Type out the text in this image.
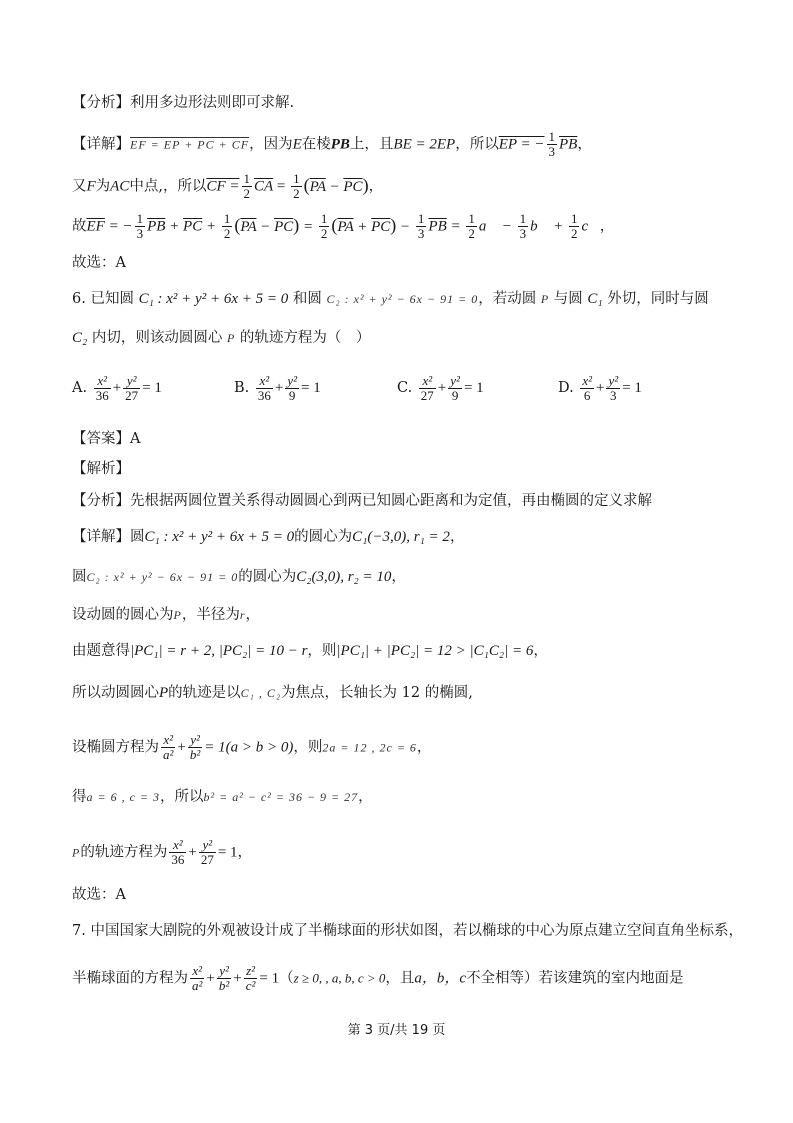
【分析】利用多边形法则即可求解.
【详解】EF = EP + PC + CF，因为E在棱PB上，且BE = 2EP，所以EP = − $\frac{1}{3} \overline{PB}$，
又F为AC中点,，所以CF = $\frac{1}{2} \overline{CA} = \frac{1}{2} (\overline{PA} - \overline{PC})$，
故$\overline{EF}$ = − $\frac{1}{3} \overline{PB} + \overline{PC} + \frac{1}{2} (\overline{PA} - \overline{PC}) = \frac{1}{2} (\overline{PA} + \overline{PC}) - \frac{1}{3} \overline{PB} = \frac{1}{2}$ a⃗ − $\frac{1}{3}$ b⃗ + $\frac{1}{2}$ c⃗，
故选：A
6. 已知圆 C₁ : x² + y² + 6x + 5 = 0 和圆 C₂ : x² + y² − 6x − 91 = 0，若动圆 P 与圆 C₁ 外切，同时与圆
C₂ 内切，则该动圆圆心 P 的轨迹方程为（　）
A. $\frac{\text{x²}}{36} + \frac{\text{y²}}{27} = 1$	B. $\frac{\text{x²}}{36} + \frac{\text{y²}}{9} = 1$	C. $\frac{\text{x²}}{27} + \frac{\text{y²}}{9} = 1$	D. $\frac{\text{x²}}{6} + \frac{\text{y²}}{3} = 1$
【答案】A
【解析】
【分析】先根据两圆位置关系得动圆圆心到两已知圆心距离和为定值，再由椭圆的定义求解
【详解】圆C₁ : x² + y² + 6x + 5 = 0的圆心为C₁(−3,0), r₁ = 2，
圆C₂ : x² + y² − 6x − 91 = 0的圆心为C₂(3,0), r₂ = 10，
设动圆的圆心为P，半径为r，
由题意得|PC₁| = r + 2, |PC₂| = 10 − r，则|PC₁| + |PC₂| = 12 > |C₁C₂| = 6，
所以动圆圆心P的轨迹是以C₁ , C₂为焦点，长轴长为 12 的椭圆,
设椭圆方程为 $\frac{\text{x²}}{\text{a²}} + \frac{\text{y²}}{\text{b²}} = 1(a > b > 0)$，则2a = 12 , 2c = 6，
得a = 6 , c = 3，所以b² = a² − c² = 36 − 9 = 27，
P的轨迹方程为 $\frac{\text{x²}}{36} + \frac{\text{y²}}{27} = 1$，
故选：A
7. 中国国家大剧院的外观被设计成了半椭球面的形状如图，若以椭球的中心为原点建立空间直角坐标系，
半椭球面的方程为 $\frac{\text{x²}}{\text{a²}} + \frac{\text{y²}}{\text{b²}} + \frac{\text{z²}}{\text{c²}} = 1(z \ge 0$, , a, b, c > 0，且a，b，c不全相等）若该建筑的室内地面是
第 3 页/共 19 页
